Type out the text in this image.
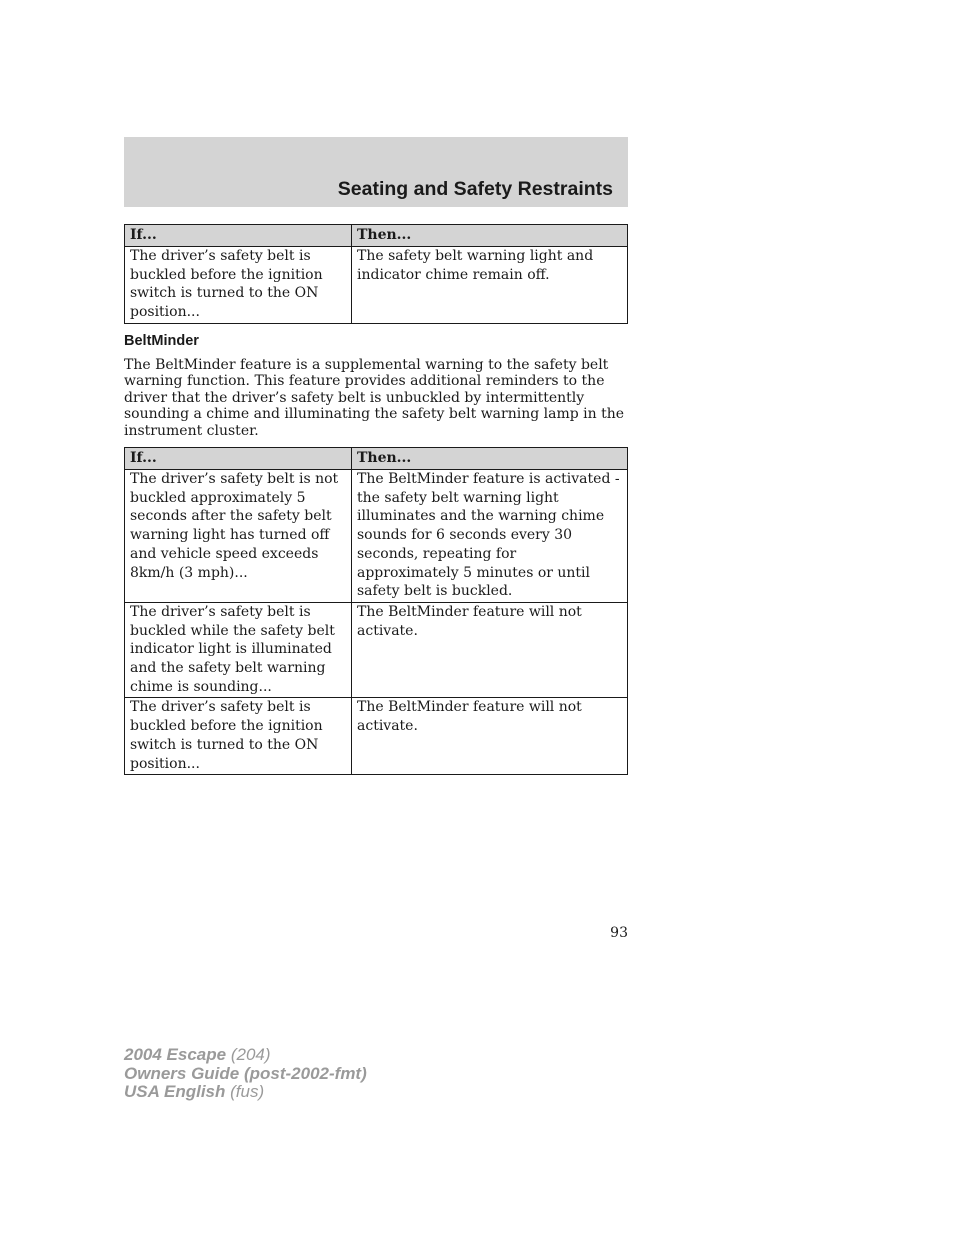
Seating and Safety Restraints
If...	Then...
The driver’s safety belt is buckled before the ignition switch is turned to the ON position...	The safety belt warning light and indicator chime remain off.
BeltMinder
The BeltMinder feature is a supplemental warning to the safety belt warning function. This feature provides additional reminders to the driver that the driver’s safety belt is unbuckled by intermittently sounding a chime and illuminating the safety belt warning lamp in the instrument cluster.
If...	Then...
The driver’s safety belt is not buckled approximately 5 seconds after the safety belt warning light has turned off and vehicle speed exceeds 8km/h (3 mph)...	The BeltMinder feature is activated - the safety belt warning light illuminates and the warning chime sounds for 6 seconds every 30 seconds, repeating for approximately 5 minutes or until safety belt is buckled.
The driver’s safety belt is buckled while the safety belt indicator light is illuminated and the safety belt warning chime is sounding...	The BeltMinder feature will not activate.
The driver’s safety belt is buckled before the ignition switch is turned to the ON position...	The BeltMinder feature will not activate.
93
2004 Escape (204)
Owners Guide (post-2002-fmt)
USA English (fus)
